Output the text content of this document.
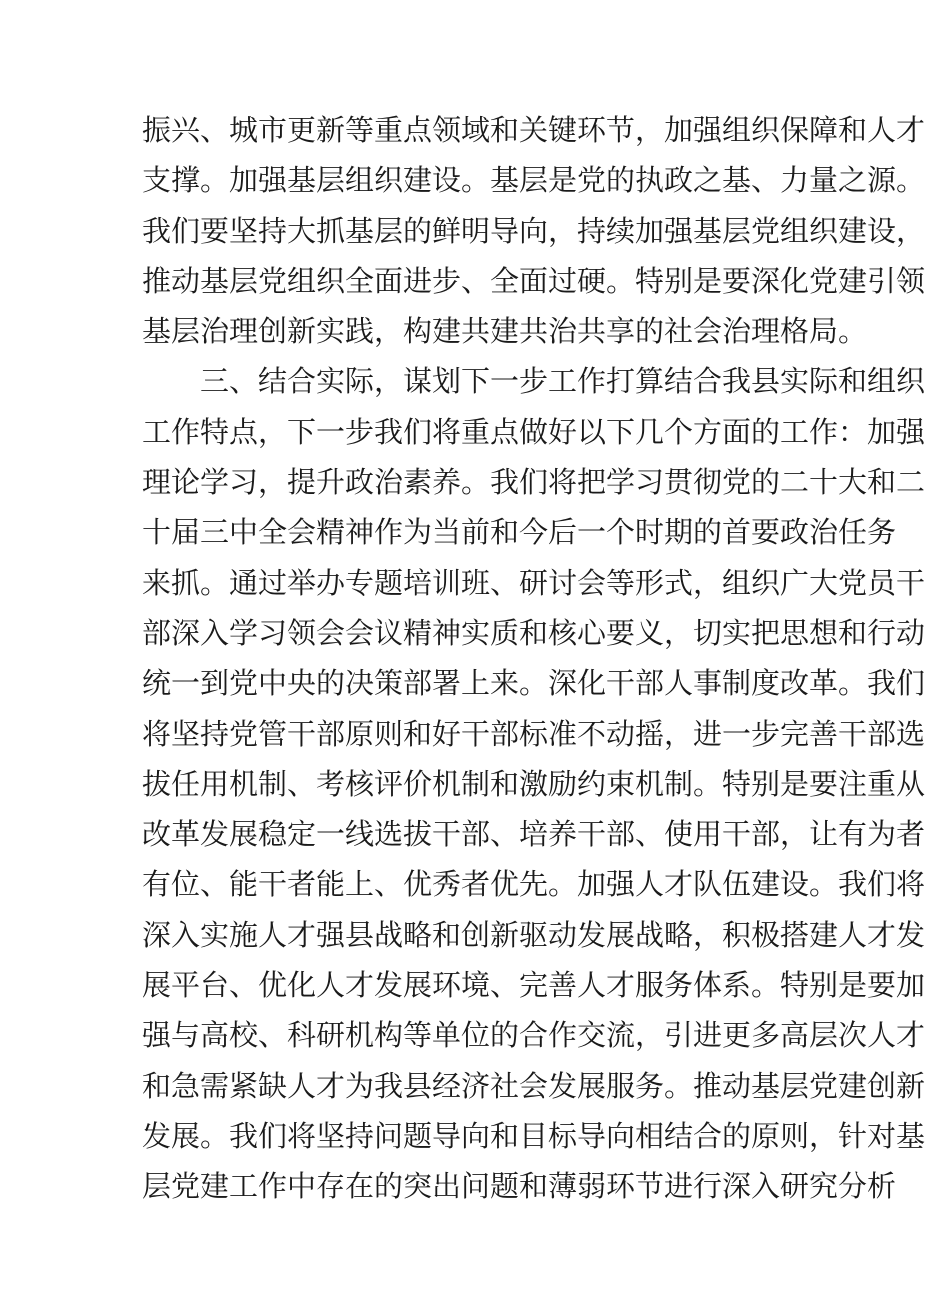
振兴、城市更新等重点领域和关键环节，加强组织保障和人才
支撑。加强基层组织建设。基层是党的执政之基、力量之源。
我们要坚持大抓基层的鲜明导向，持续加强基层党组织建设，
推动基层党组织全面进步、全面过硬。特别是要深化党建引领
基层治理创新实践，构建共建共治共享的社会治理格局。
三、结合实际，谋划下一步工作打算结合我县实际和组织
工作特点，下一步我们将重点做好以下几个方面的工作：加强
理论学习，提升政治素养。我们将把学习贯彻党的二十大和二
十届三中全会精神作为当前和今后一个时期的首要政治任务
来抓。通过举办专题培训班、研讨会等形式，组织广大党员干
部深入学习领会会议精神实质和核心要义，切实把思想和行动
统一到党中央的决策部署上来。深化干部人事制度改革。我们
将坚持党管干部原则和好干部标准不动摇，进一步完善干部选
拔任用机制、考核评价机制和激励约束机制。特别是要注重从
改革发展稳定一线选拔干部、培养干部、使用干部，让有为者
有位、能干者能上、优秀者优先。加强人才队伍建设。我们将
深入实施人才强县战略和创新驱动发展战略，积极搭建人才发
展平台、优化人才发展环境、完善人才服务体系。特别是要加
强与高校、科研机构等单位的合作交流，引进更多高层次人才
和急需紧缺人才为我县经济社会发展服务。推动基层党建创新
发展。我们将坚持问题导向和目标导向相结合的原则，针对基
层党建工作中存在的突出问题和薄弱环节进行深入研究分析
